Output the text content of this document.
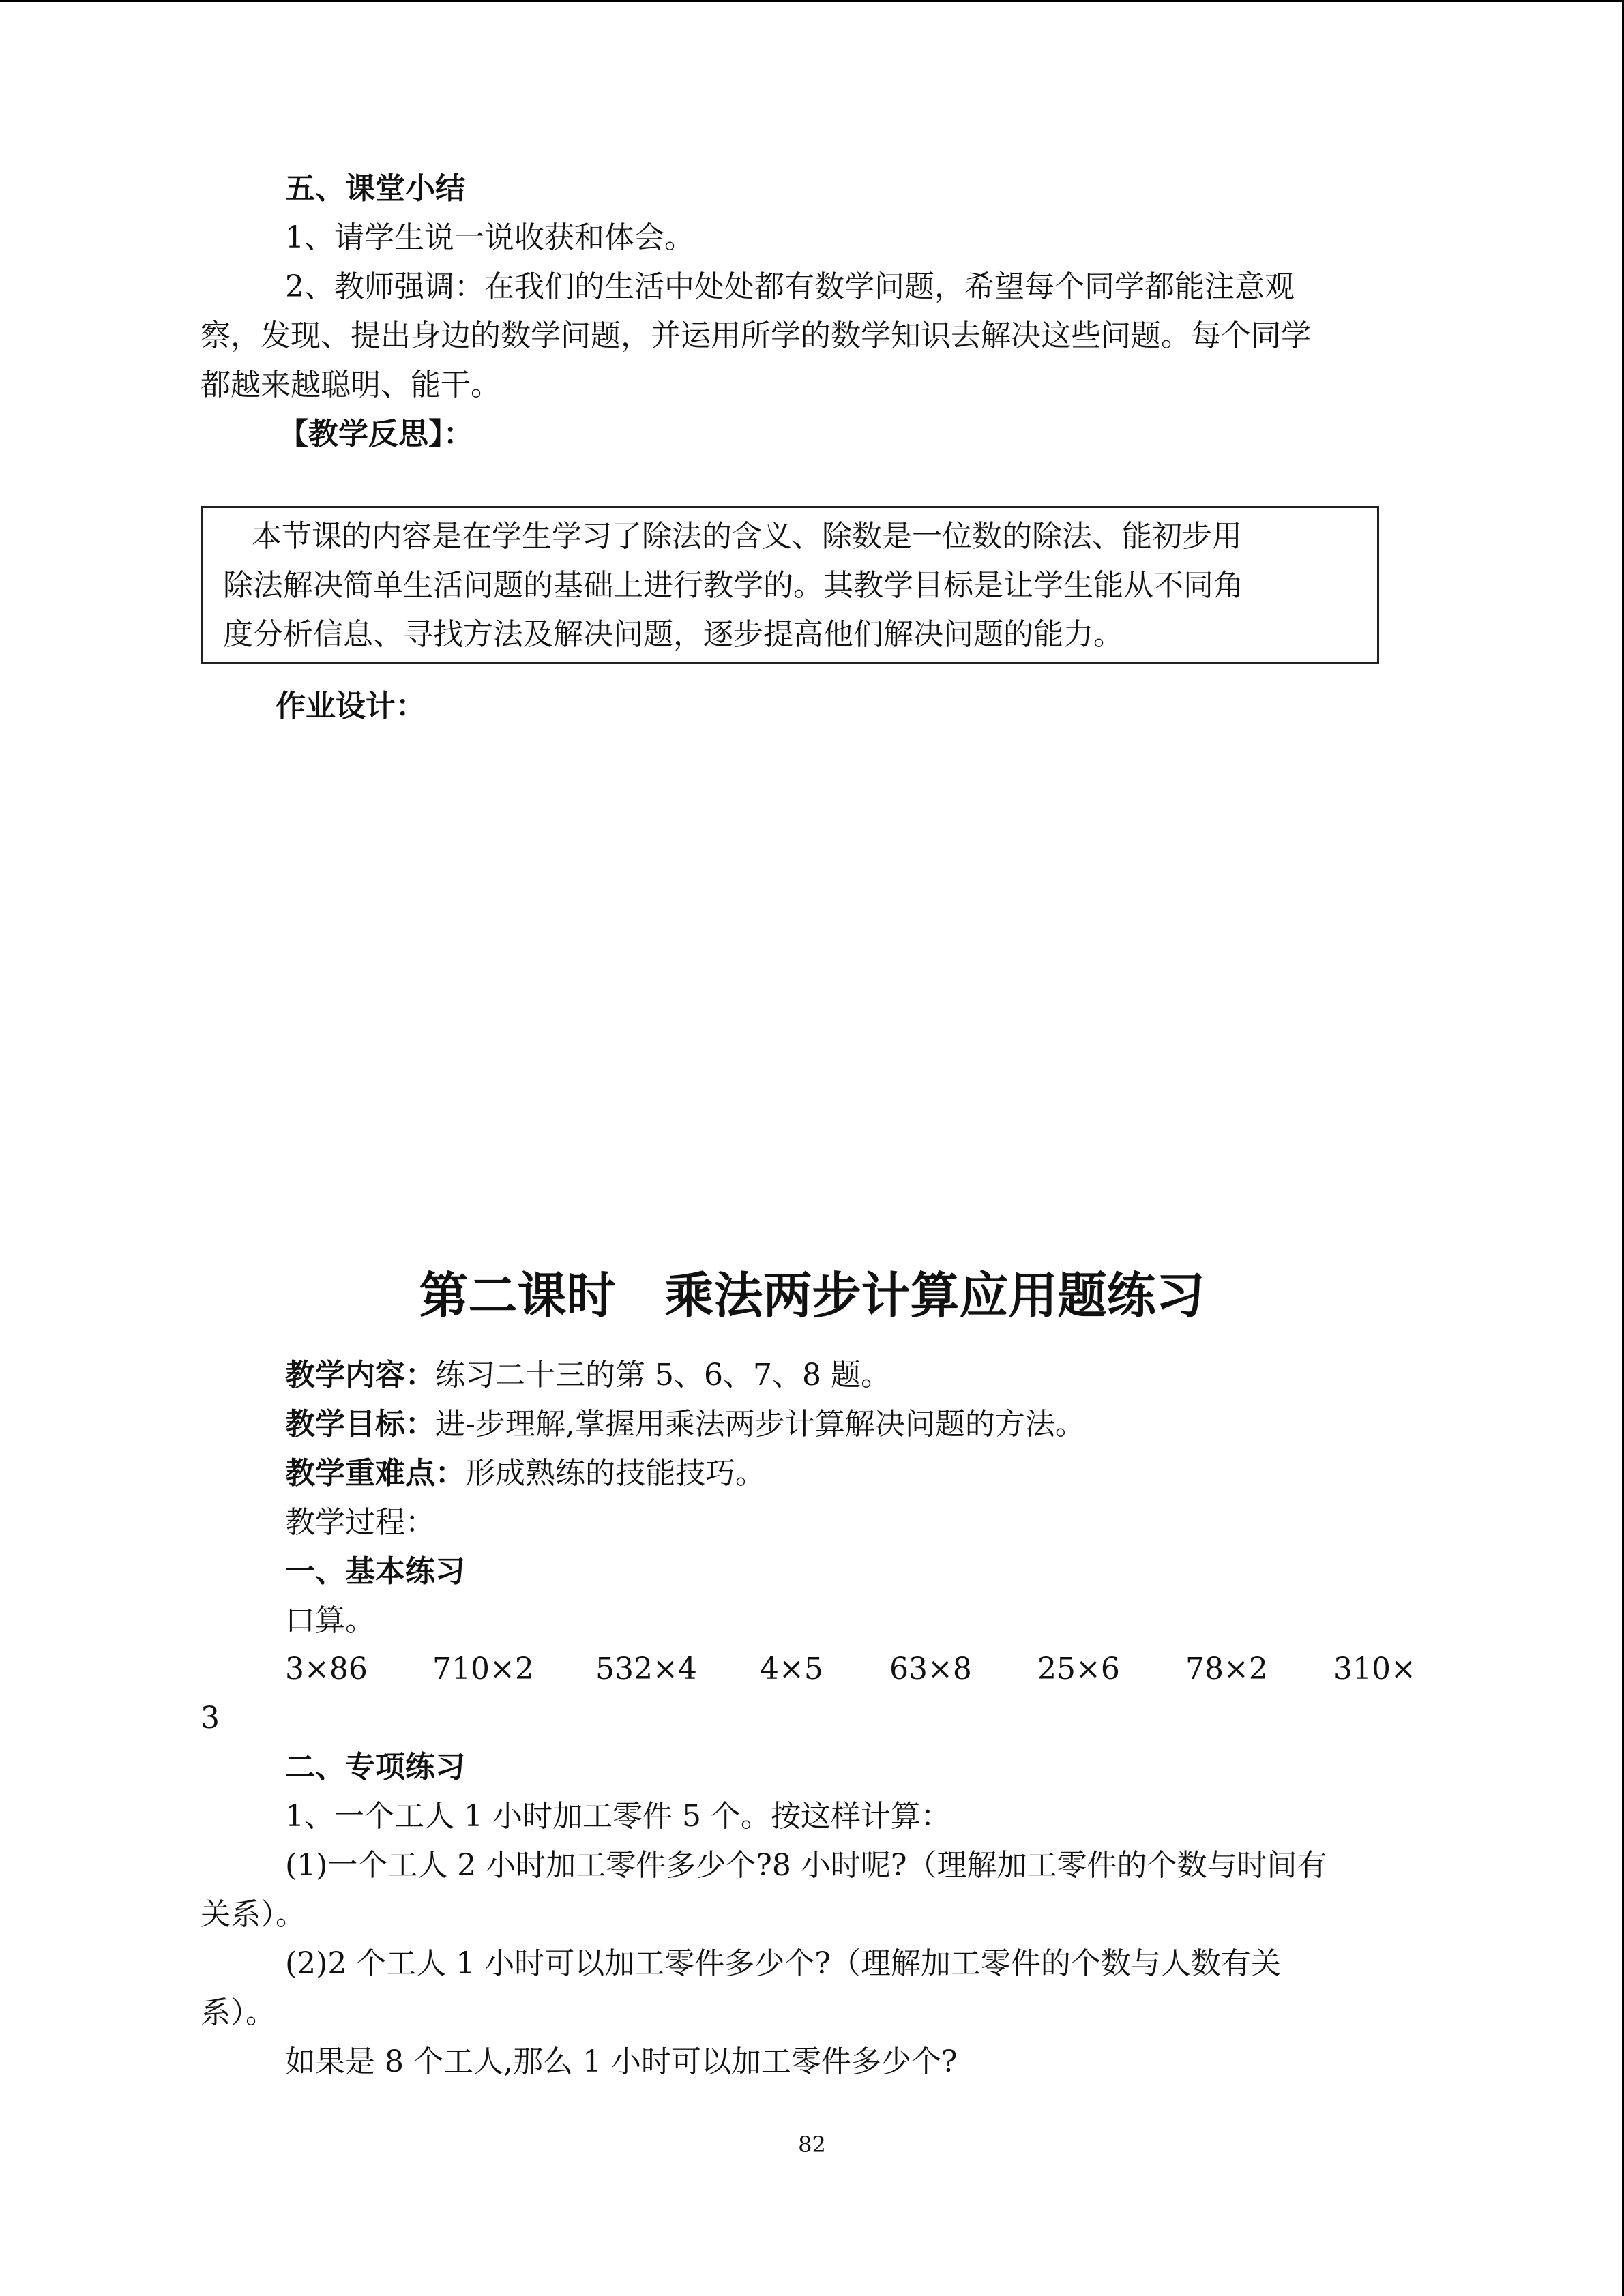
五、课堂小结
1、请学生说一说收获和体会。
2、教师强调：在我们的生活中处处都有数学问题，希望每个同学都能注意观
察，发现、提出身边的数学问题，并运用所学的数学知识去解决这些问题。每个同学
都越来越聪明、能干。
【教学反思】：
本节课的内容是在学生学习了除法的含义、除数是一位数的除法、能初步用
除法解决简单生活问题的基础上进行教学的。其教学目标是让学生能从不同角
度分析信息、寻找方法及解决问题，逐步提高他们解决问题的能力。
作业设计：
第二课时　乘法两步计算应用题练习
教学内容：练习二十三的第 5、6、7、8 题。
教学目标：进-步理解,掌握用乘法两步计算解决问题的方法。
教学重难点：形成熟练的技能技巧。
教学过程：
一、基本练习
口算。
3×86 710×2 532×4 4×5 63×8 25×6 78×2 310×
3
二、专项练习
1、一个工人 1 小时加工零件 5 个。按这样计算：
(1)一个工人 2 小时加工零件多少个?8 小时呢?（理解加工零件的个数与时间有
关系）。
(2)2 个工人 1 小时可以加工零件多少个?（理解加工零件的个数与人数有关
系）。
如果是 8 个工人,那么 1 小时可以加工零件多少个?
82
